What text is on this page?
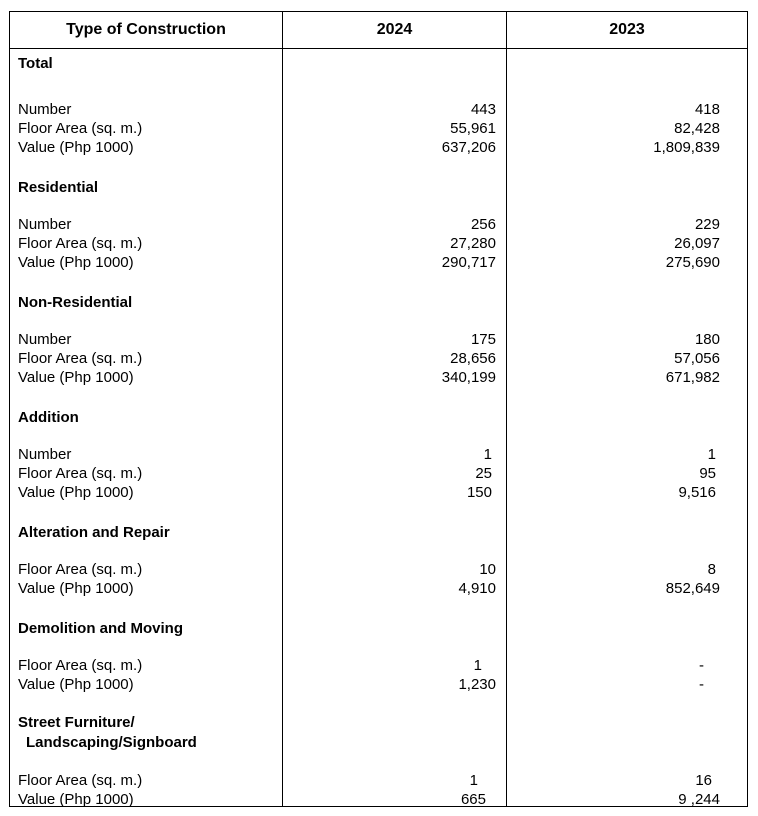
Type of Construction	2024	2023
Total
Number	443	418
Floor Area (sq. m.)	55,961	82,428
Value (Php 1000)	637,206	1,809,839
Residential
Number	256	229
Floor Area (sq. m.)	27,280	26,097
Value (Php 1000)	290,717	275,690
Non-Residential
Number	175	180
Floor Area (sq. m.)	28,656	57,056
Value (Php 1000)	340,199	671,982
Addition
Number	1	1
Floor Area (sq. m.)	25	95
Value (Php 1000)	150	9,516
Alteration and Repair
Floor Area (sq. m.)	10	8
Value (Php 1000)	4,910	852,649
Demolition and Moving
Floor Area (sq. m.)	1	-
Value (Php 1000)	1,230	-
Street Furniture/
Landscaping/Signboard
Floor Area (sq. m.)	1	16
Value (Php 1000)	665	9 ,244
